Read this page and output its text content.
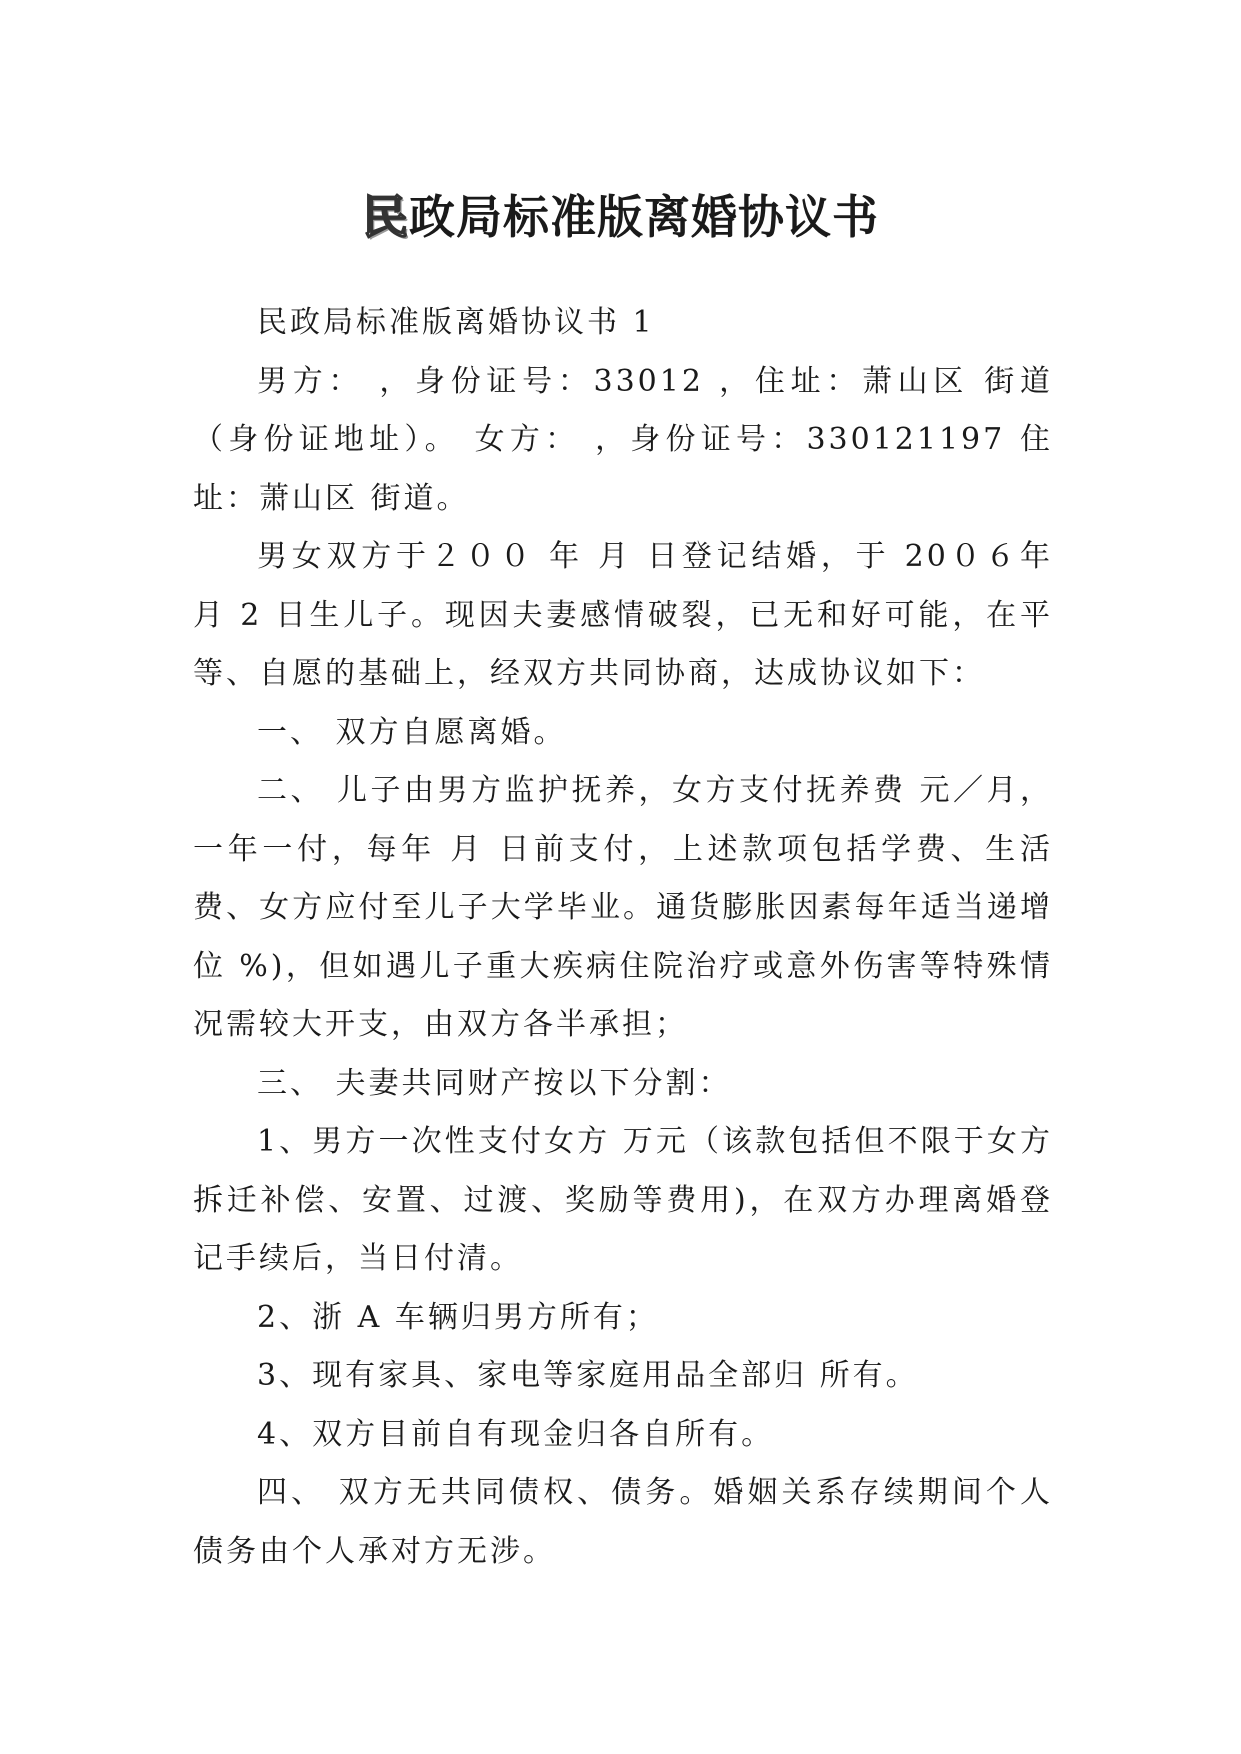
民政局标准版离婚协议书

民政局标准版离婚协议书 1

男方： ，身份证号：33012 ，住址：萧山区 街道（身份证地址）。 女方： ，身份证号：330121197 住址：萧山区 街道。

男女双方于２００ 年 月 日登记结婚，于 20０６年 月 2 日生儿子。现因夫妻感情破裂，已无和好可能，在平等、自愿的基础上，经双方共同协商，达成协议如下：

一、 双方自愿离婚。

二、 儿子由男方监护抚养，女方支付抚养费 元／月，一年一付，每年 月 日前支付，上述款项包括学费、生活费、女方应付至儿子大学毕业。通货膨胀因素每年适当递增位 %)，但如遇儿子重大疾病住院治疗或意外伤害等特殊情况需较大开支，由双方各半承担；

三、 夫妻共同财产按以下分割：

1、男方一次性支付女方 万元（该款包括但不限于女方拆迁补偿、安置、过渡、奖励等费用)，在双方办理离婚登记手续后，当日付清。

2、浙 A 车辆归男方所有；

3、现有家具、家电等家庭用品全部归 所有。

4、双方目前自有现金归各自所有。

四、 双方无共同债权、债务。婚姻关系存续期间个人债务由个人承对方无涉。
